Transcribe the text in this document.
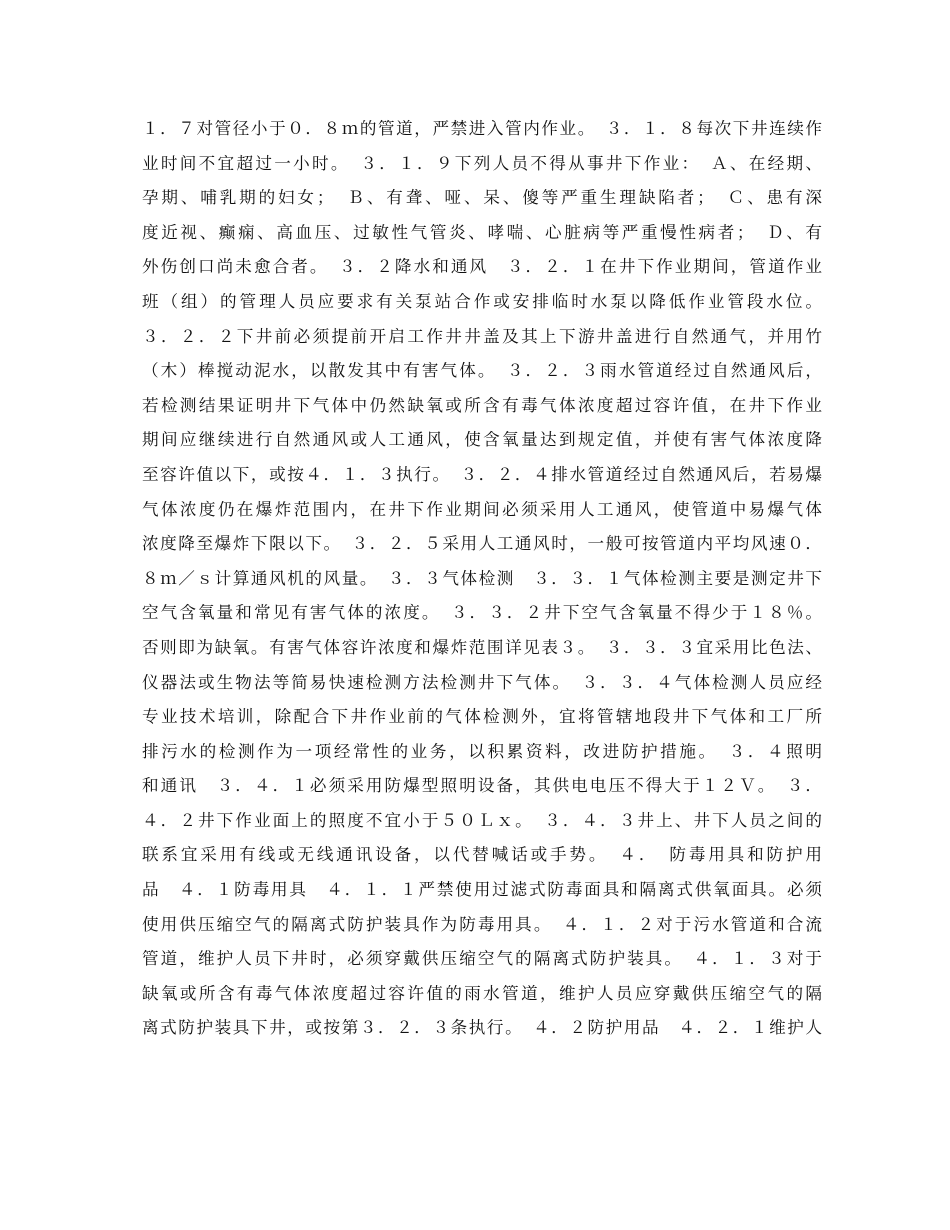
１．７对管径小于０．８ｍ的管道，严禁进入管内作业。　３．１．８每次下井连续作
业时间不宜超过一小时。　３．１．９下列人员不得从事井下作业：　Ａ、在经期、
孕期、哺乳期的妇女；　Ｂ、有聋、哑、呆、傻等严重生理缺陷者；　Ｃ、患有深
度近视、癫痫、高血压、过敏性气管炎、哮喘、心脏病等严重慢性病者；　Ｄ、有
外伤创口尚未愈合者。　３．２降水和通风　３．２．１在井下作业期间，管道作业
班（组）的管理人员应要求有关泵站合作或安排临时水泵以降低作业管段水位。
３．２．２下井前必须提前开启工作井井盖及其上下游井盖进行自然通气，并用竹
（木）棒搅动泥水，以散发其中有害气体。　３．２．３雨水管道经过自然通风后，
若检测结果证明井下气体中仍然缺氧或所含有毒气体浓度超过容许值，在井下作业
期间应继续进行自然通风或人工通风，使含氧量达到规定值，并使有害气体浓度降
至容许值以下，或按４．１．３执行。　３．２．４排水管道经过自然通风后，若易爆
气体浓度仍在爆炸范围内，在井下作业期间必须采用人工通风，使管道中易爆气体
浓度降至爆炸下限以下。　３．２．５采用人工通风时，一般可按管道内平均风速０．
８ｍ／ｓ计算通风机的风量。　３．３气体检测　３．３．１气体检测主要是测定井下
空气含氧量和常见有害气体的浓度。　３．３．２井下空气含氧量不得少于１８％。
否则即为缺氧。有害气体容许浓度和爆炸范围详见表３。　３．３．３宜采用比色法、
仪器法或生物法等简易快速检测方法检测井下气体。　３．３．４气体检测人员应经
专业技术培训，除配合下井作业前的气体检测外，宜将管辖地段井下气体和工厂所
排污水的检测作为一项经常性的业务，以积累资料，改进防护措施。　３．４照明
和通讯　３．４．１必须采用防爆型照明设备，其供电电压不得大于１２Ｖ。　３．
４．２井下作业面上的照度不宜小于５０Ｌｘ。　３．４．３井上、井下人员之间的
联系宜采用有线或无线通讯设备，以代替喊话或手势。　４．　防毒用具和防护用
品　４．１防毒用具　４．１．１严禁使用过滤式防毒面具和隔离式供氧面具。必须
使用供压缩空气的隔离式防护装具作为防毒用具。　４．１．２对于污水管道和合流
管道，维护人员下井时，必须穿戴供压缩空气的隔离式防护装具。　４．１．３对于
缺氧或所含有毒气体浓度超过容许值的雨水管道，维护人员应穿戴供压缩空气的隔
离式防护装具下井，或按第３．２．３条执行。　４．２防护用品　４．２．１维护人
